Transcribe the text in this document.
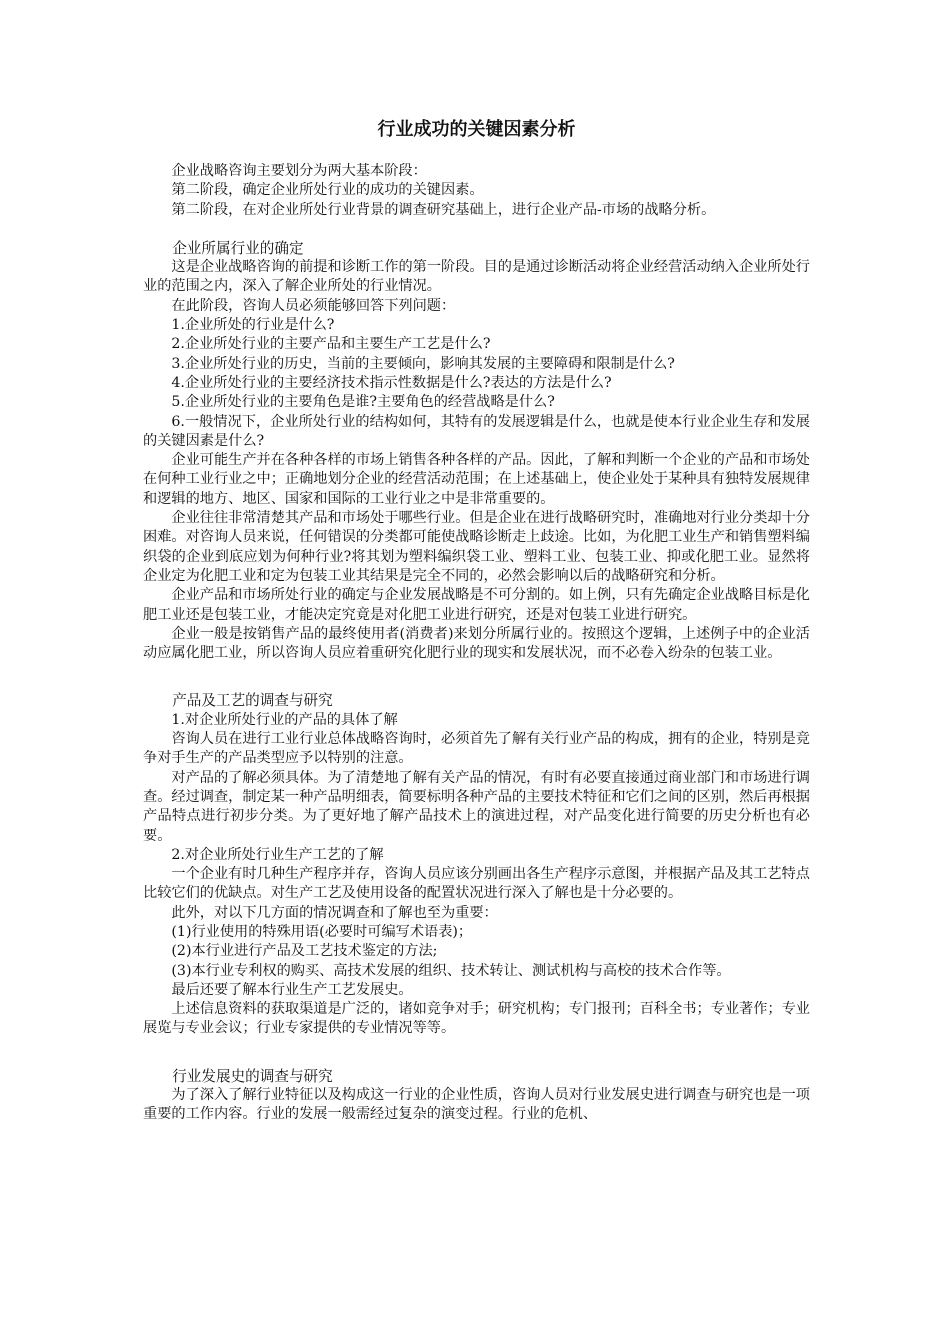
行业成功的关键因素分析

企业战略咨询主要划分为两大基本阶段：

第二阶段，确定企业所处行业的成功的关键因素。

第二阶段，在对企业所处行业背景的调查研究基础上，进行企业产品-市场的战略分析。

企业所属行业的确定

这是企业战略咨询的前提和诊断工作的第一阶段。目的是通过诊断活动将企业经营活动纳入企业所处行业的范围之内，深入了解企业所处的行业情况。

在此阶段，咨询人员必须能够回答下列问题：

1.企业所处的行业是什么?

2.企业所处行业的主要产品和主要生产工艺是什么?

3.企业所处行业的历史，当前的主要倾向，影响其发展的主要障碍和限制是什么?

4.企业所处行业的主要经济技术指示性数据是什么?表达的方法是什么?

5.企业所处行业的主要角色是谁?主要角色的经营战略是什么?

6.一般情况下，企业所处行业的结构如何，其特有的发展逻辑是什么，也就是使本行业企业生存和发展的关键因素是什么?

企业可能生产并在各种各样的市场上销售各种各样的产品。因此，了解和判断一个企业的产品和市场处在何种工业行业之中；正确地划分企业的经营活动范围；在上述基础上，使企业处于某种具有独特发展规律和逻辑的地方、地区、国家和国际的工业行业之中是非常重要的。

企业往往非常清楚其产品和市场处于哪些行业。但是企业在进行战略研究时，准确地对行业分类却十分困难。对咨询人员来说，任何错误的分类都可能使战略诊断走上歧途。比如，为化肥工业生产和销售塑料编织袋的企业到底应划为何种行业?将其划为塑料编织袋工业、塑料工业、包装工业、抑或化肥工业。显然将企业定为化肥工业和定为包装工业其结果是完全不同的，必然会影响以后的战略研究和分析。

企业产品和市场所处行业的确定与企业发展战略是不可分割的。如上例，只有先确定企业战略目标是化肥工业还是包装工业，才能决定究竟是对化肥工业进行研究，还是对包装工业进行研究。

企业一般是按销售产品的最终使用者(消费者)来划分所属行业的。按照这个逻辑，上述例子中的企业活动应属化肥工业，所以咨询人员应着重研究化肥行业的现实和发展状况，而不必卷入纷杂的包装工业。

产品及工艺的调查与研究

1.对企业所处行业的产品的具体了解

咨询人员在进行工业行业总体战略咨询时，必须首先了解有关行业产品的构成，拥有的企业，特别是竞争对手生产的产品类型应予以特别的注意。

对产品的了解必须具体。为了清楚地了解有关产品的情况，有时有必要直接通过商业部门和市场进行调查。经过调查，制定某一种产品明细表，简要标明各种产品的主要技术特征和它们之间的区别，然后再根据产品特点进行初步分类。为了更好地了解产品技术上的演进过程，对产品变化进行简要的历史分析也有必要。

2.对企业所处行业生产工艺的了解

一个企业有时几种生产程序并存，咨询人员应该分别画出各生产程序示意图，并根据产品及其工艺特点比较它们的优缺点。对生产工艺及使用设备的配置状况进行深入了解也是十分必要的。

此外，对以下几方面的情况调查和了解也至为重要：

(1)行业使用的特殊用语(必要时可编写术语表)；

(2)本行业进行产品及工艺技术鉴定的方法;

(3)本行业专利权的购买、高技术发展的组织、技术转让、测试机构与高校的技术合作等。

最后还要了解本行业生产工艺发展史。

上述信息资料的获取渠道是广泛的，诸如竞争对手；研究机构；专门报刊；百科全书；专业著作；专业展览与专业会议；行业专家提供的专业情况等等。

行业发展史的调查与研究

为了深入了解行业特征以及构成这一行业的企业性质，咨询人员对行业发展史进行调查与研究也是一项重要的工作内容。行业的发展一般需经过复杂的演变过程。行业的危机、
